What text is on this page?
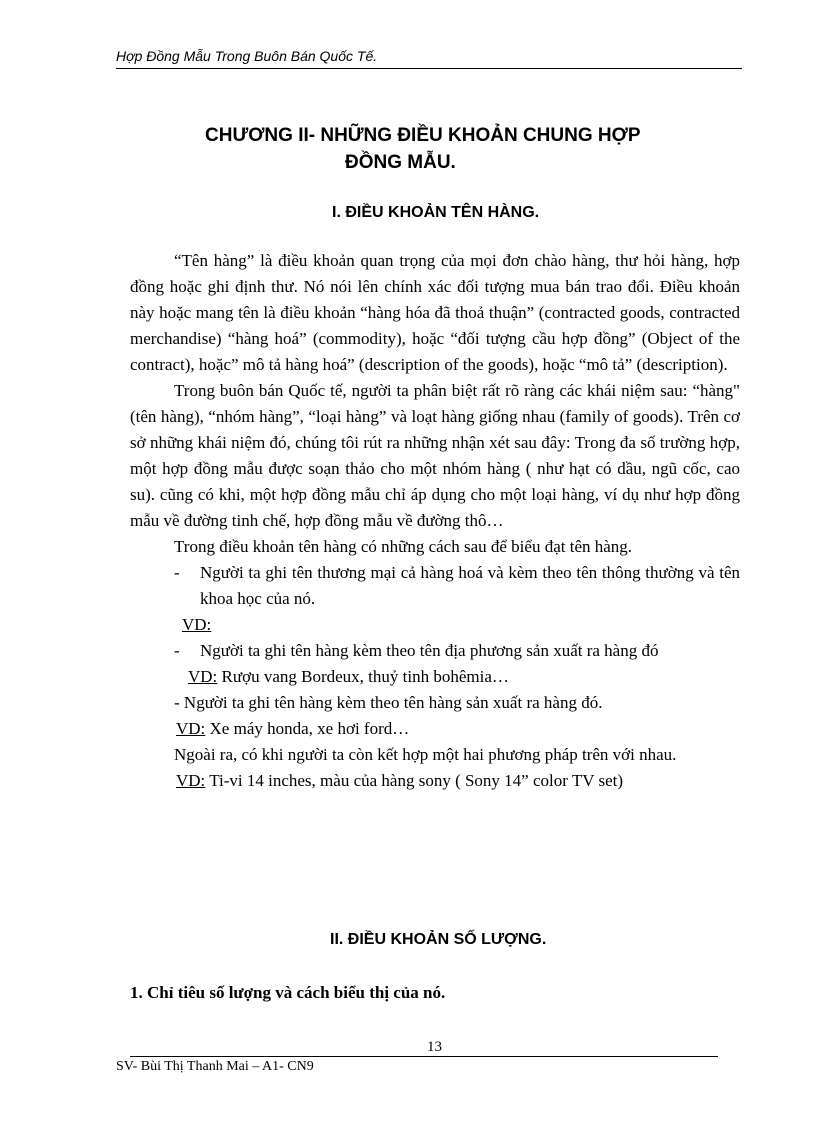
Hợp Đồng Mẫu Trong Buôn Bán Quốc Tế.
CHƯƠNG II- NHỮNG ĐIỀU KHOẢN CHUNG HỢP
ĐỒNG MẪU.
I. ĐIỀU KHOẢN TÊN HÀNG.

“Tên hàng” là điều khoản quan trọng của mọi đơn chào hàng, thư hỏi hàng, hợp đồng hoặc ghi định thư. Nó nói lên chính xác đối tượng mua bán trao đổi. Điều khoản này hoặc mang tên là điều khoản “hàng hóa đã thoả thuận” (contracted goods, contracted merchandise) “hàng hoá” (commodity), hoặc “đối tượng cầu hợp đồng” (Object of the contract), hoặc” mô tả hàng hoá” (description of the goods), hoặc “mô tả” (description).

Trong buôn bán Quốc tế, người ta phân biệt rất rõ ràng các khái niệm sau: “hàng" (tên hàng), “nhóm hàng”, “loại hàng” và loạt hàng giống nhau (family of goods). Trên cơ sở những khái niệm đó, chúng tôi rút ra những nhận xét sau đây: Trong đa số trường hợp, một hợp đồng mẫu được soạn thảo cho một nhóm hàng ( như hạt có dầu, ngũ cốc, cao su). cũng có khi, một hợp đồng mẫu chỉ áp dụng cho một loại hàng, ví dụ như hợp đồng mẫu về đường tinh chế, hợp đồng mẫu về đường thô…

Trong điều khoản tên hàng có những cách sau để biểu đạt tên hàng.

- Người ta ghi tên thương mại cả hàng hoá và kèm theo tên thông thường và tên khoa học của nó.

VD:

- Người ta ghi tên hàng kèm theo tên địa phương sản xuất ra hàng đó

VD: Rượu vang Bordeux, thuỷ tinh bohêmia…

- Người ta ghi tên hàng kèm theo tên hàng sản xuất ra hàng đó.

VD: Xe máy honda, xe hơi ford…

Ngoài ra, có khi người ta còn kết hợp một hai phương pháp trên với nhau.

VD: Ti-vi 14 inches, màu của hàng sony ( Sony 14” color TV set)

II. ĐIỀU KHOẢN SỐ LƯỢNG.
1. Chỉ tiêu số lượng và cách biểu thị của nó.
13
SV- Bùi Thị Thanh Mai – A1- CN9
